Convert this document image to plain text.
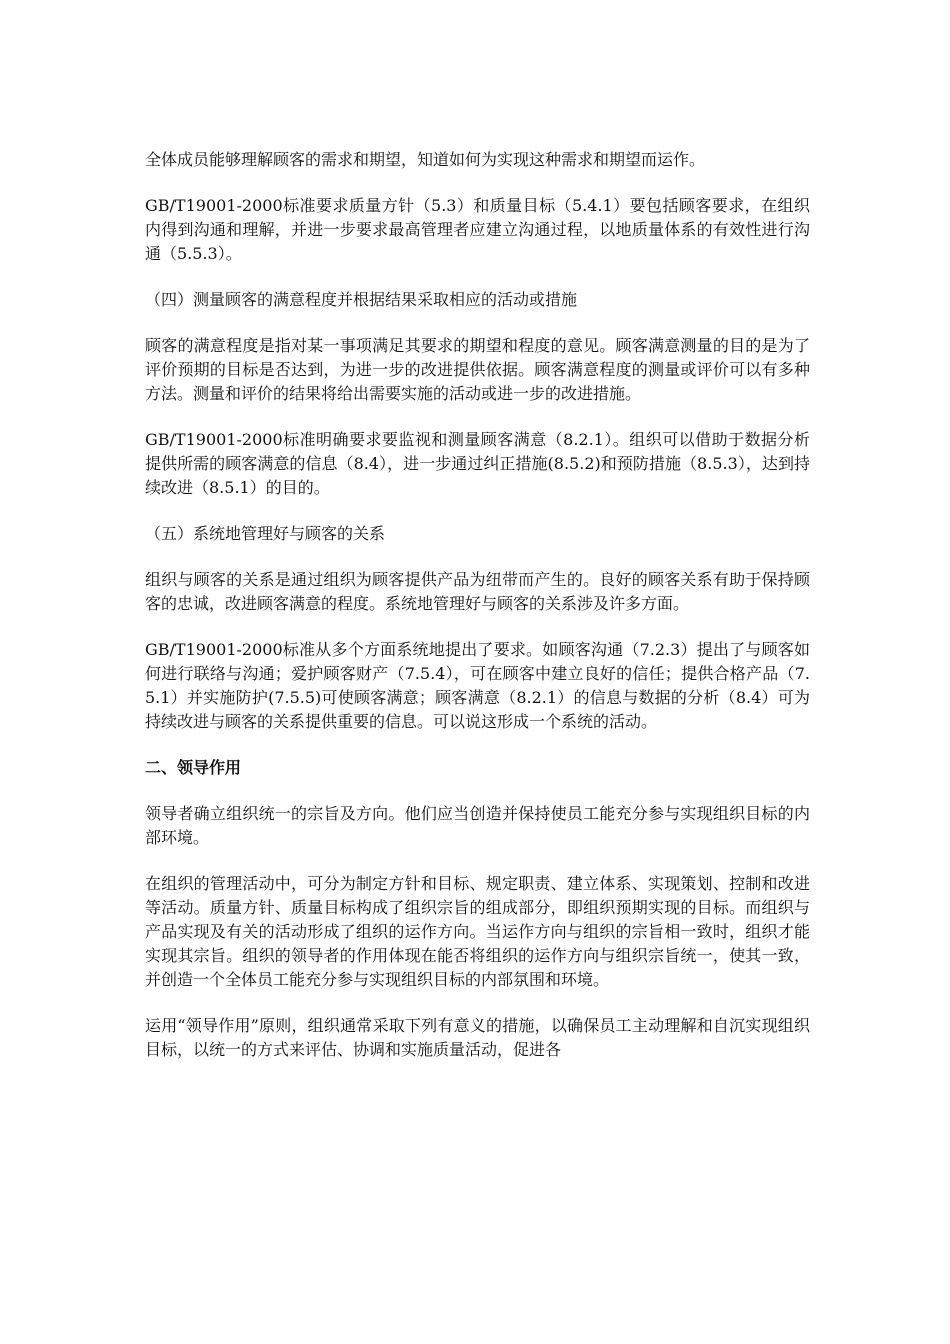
全体成员能够理解顾客的需求和期望，知道如何为实现这种需求和期望而运作。

GB/T19001-2000标准要求质量方针（5.3）和质量目标（5.4.1）要包括顾客要求，在组织内得到沟通和理解，并进一步要求最高管理者应建立沟通过程，以地质量体系的有效性进行沟通（5.5.3）。

（四）测量顾客的满意程度并根据结果采取相应的活动或措施

顾客的满意程度是指对某一事项满足其要求的期望和程度的意见。顾客满意测量的目的是为了评价预期的目标是否达到，为进一步的改进提供依据。顾客满意程度的测量或评价可以有多种方法。测量和评价的结果将给出需要实施的活动或进一步的改进措施。

GB/T19001-2000标准明确要求要监视和测量顾客满意（8.2.1）。组织可以借助于数据分析提供所需的顾客满意的信息（8.4），进一步通过纠正措施(8.5.2)和预防措施（8.5.3），达到持续改进（8.5.1）的目的。

（五）系统地管理好与顾客的关系

组织与顾客的关系是通过组织为顾客提供产品为纽带而产生的。良好的顾客关系有助于保持顾客的忠诚，改进顾客满意的程度。系统地管理好与顾客的关系涉及许多方面。

GB/T19001-2000标准从多个方面系统地提出了要求。如顾客沟通（7.2.3）提出了与顾客如何进行联络与沟通；爱护顾客财产（7.5.4），可在顾客中建立良好的信任；提供合格产品（7.5.1）并实施防护(7.5.5)可使顾客满意；顾客满意（8.2.1）的信息与数据的分析（8.4）可为持续改进与顾客的关系提供重要的信息。可以说这形成一个系统的活动。

二、领导作用

领导者确立组织统一的宗旨及方向。他们应当创造并保持使员工能充分参与实现组织目标的内部环境。

在组织的管理活动中，可分为制定方针和目标、规定职责、建立体系、实现策划、控制和改进等活动。质量方针、质量目标构成了组织宗旨的组成部分，即组织预期实现的目标。而组织与产品实现及有关的活动形成了组织的运作方向。当运作方向与组织的宗旨相一致时，组织才能实现其宗旨。组织的领导者的作用体现在能否将组织的运作方向与组织宗旨统一，使其一致，并创造一个全体员工能充分参与实现组织目标的内部氛围和环境。

运用“领导作用”原则，组织通常采取下列有意义的措施，以确保员工主动理解和自沉实现组织目标，以统一的方式来评估、协调和实施质量活动，促进各
